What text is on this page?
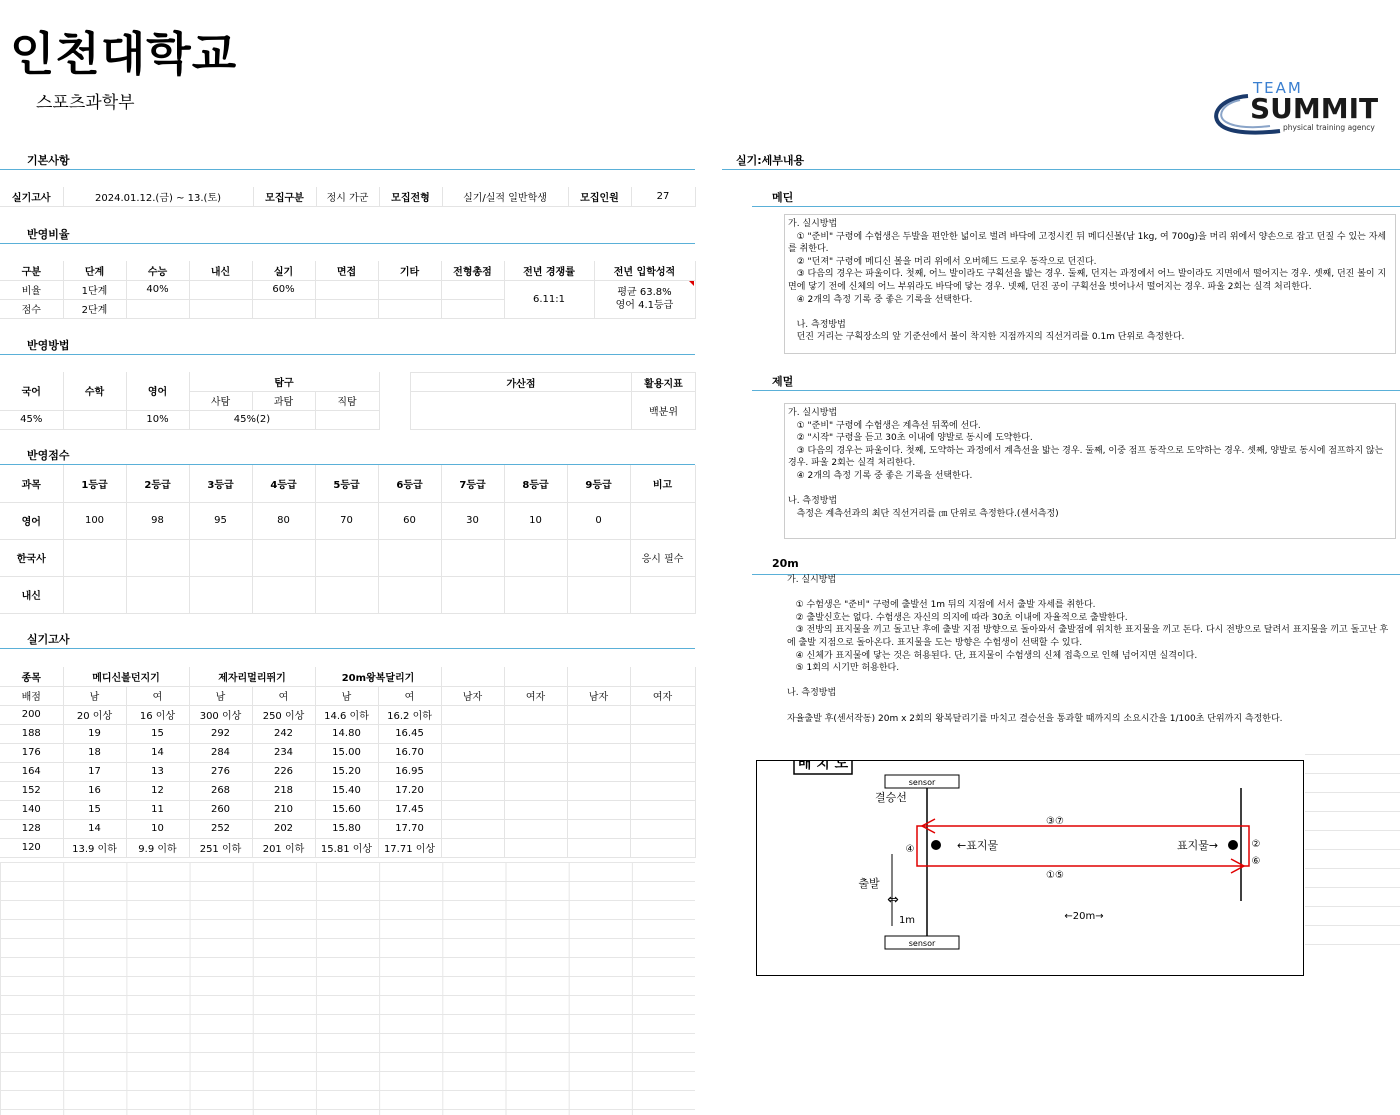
인천대학교
스포츠과학부
TEAM
SUMMIT
physical training agency
기본사항
반영비율
반영방법
반영점수
실기고사
실기:세부내용
실기고사	2024.01.12.(금) ~ 13.(토)	모집구분	정시 가군	모집전형	실기/실적 일반학생	모집인원	27
구분	단계	수능	내신	실기	면접	기타	전형총점	전년 경쟁률	전년 입학성적
비율	1단계	40%		60%				6.11:1	평균 63.8%
영어 4.1등급

점수	2단계								
국어	수학	영어	탐구		
			사탐	과탐	직탐
45%		10%	45%(2)		
가산점	활용지표
	백분위
과목	1등급	2등급	3등급	4등급	5등급	6등급	7등급	8등급	9등급	비고
영어	100	98	95	80	70	60	30	10	0	
한국사										응시 필수
내신										
종목	메디신볼던지기		제자리멀리뛰기		20m왕복달리기					
배점	남	여	남	여	남	여	남자	여자	남자	여자
200	20 이상	16 이상	300 이상	250 이상	14.6 이하	16.2 이하				
188	19	15	292	242	14.80	16.45				
176	18	14	284	234	15.00	16.70				
164	17	13	276	226	15.20	16.95				
152	16	12	268	218	15.40	17.20				
140	15	11	260	210	15.60	17.45				
128	14	10	252	202	15.80	17.70				
120	13.9 이하	9.9 이하	251 이하	201 이하	15.81 이상	17.71 이상				
메딘
가. 실시방법
① "준비" 구령에 수험생은 두발을 편안한 넓이로 벌려 바닥에 고정시킨 뒤 메디신볼(남 1kg, 여 700g)을 머리 위에서 양손으로 잡고 던질 수 있는 자세를 취한다.
② "던져" 구령에 메디신 볼을 머리 위에서 오버헤드 드로우 동작으로 던진다.
③ 다음의 경우는 파울이다. 첫째, 어느 발이라도 구획선을 밟는 경우. 둘째, 던지는 과정에서 어느 발이라도 지면에서 떨어지는 경우. 셋째, 던진 볼이 지면에 닿기 전에 신체의 어느 부위라도 바닥에 닿는 경우. 넷째, 던진 공이 구획선을 벗어나서 떨어지는 경우. 파울 2회는 실격 처리한다.
④ 2개의 측정 기록 중 좋은 기록을 선택한다.

나. 측정방법
던진 거리는 구획장소의 앞 기준선에서 볼이 착지한 지점까지의 직선거리를 0.1m 단위로 측정한다.
제멀
가. 실시방법
① "준비" 구령에 수험생은 계측선 뒤쪽에 선다.
② "시작" 구령을 듣고 30초 이내에 양발로 동시에 도약한다.
③ 다음의 경우는 파울이다. 첫째, 도약하는 과정에서 계측선을 밟는 경우. 둘째, 이중 점프 동작으로 도약하는 경우. 셋째, 양발로 동시에 점프하지 않는 경우. 파울 2회는 실격 처리한다.
④ 2개의 측정 기록 중 좋은 기록을 선택한다.

나. 측정방법
측정은 계측선과의 최단 직선거리를 ㎝ 단위로 측정한다.(센서측정)
20m
가. 실시방법

① 수험생은 "준비" 구령에 출발선 1m 뒤의 지점에 서서 출발 자세를 취한다.
② 출발신호는 없다. 수험생은 자신의 의지에 따라 30초 이내에 자율적으로 출발한다.
③ 전방의 표지물을 끼고 돌고난 후에 출발 지점 방향으로 돌아와서 출발점에 위치한 표지물을 끼고 돈다. 다시 전방으로 달려서 표지물을 끼고 돌고난 후에 출발 지점으로 돌아온다. 표지물을 도는 방향은 수험생이 선택할 수 있다.
④ 신체가 표지물에 닿는 것은 허용된다. 단, 표지물이 수험생의 신체 접촉으로 인해 넘어지면 실격이다.
⑤ 1회의 시기만 허용한다.

나. 측정방법

자율출발 후(센서작동) 20m x 2회의 왕복달리기를 마치고 결승선을 통과할 때까지의 소요시간을 1/100초 단위까지 측정한다.
배 치 도
sensor
결승선
출발
⇔
1m
sensor
←표지물	표지물→
③⑦
①⑤
④	②
⑥
←20m→
